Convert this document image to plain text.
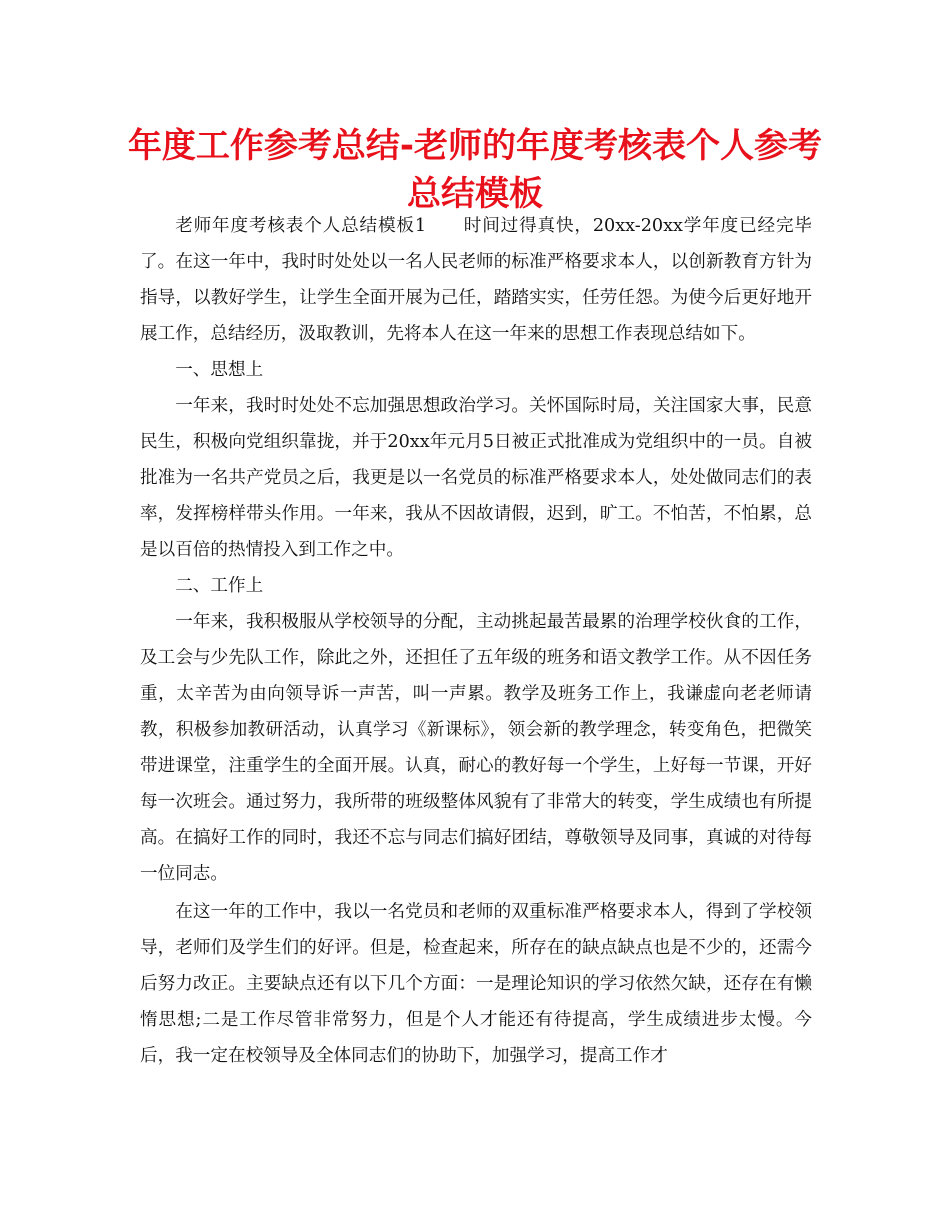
年度工作参考总结-老师的年度考核表个人参考总结模板

老师年度考核表个人总结模板1　　时间过得真快，20xx-20xx学年度已经完毕了。在这一年中，我时时处处以一名人民老师的标准严格要求本人，以创新教育方针为指导，以教好学生，让学生全面开展为己任，踏踏实实，任劳任怨。为使今后更好地开展工作，总结经历，汲取教训，先将本人在这一年来的思想工作表现总结如下。

一、思想上

一年来，我时时处处不忘加强思想政治学习。关怀国际时局，关注国家大事，民意民生，积极向党组织靠拢，并于20xx年元月5日被正式批准成为党组织中的一员。自被批准为一名共产党员之后，我更是以一名党员的标准严格要求本人，处处做同志们的表率，发挥榜样带头作用。一年来，我从不因故请假，迟到，旷工。不怕苦，不怕累，总是以百倍的热情投入到工作之中。

二、工作上

一年来，我积极服从学校领导的分配，主动挑起最苦最累的治理学校伙食的工作，及工会与少先队工作，除此之外，还担任了五年级的班务和语文教学工作。从不因任务重，太辛苦为由向领导诉一声苦，叫一声累。教学及班务工作上，我谦虚向老老师请教，积极参加教研活动，认真学习《新课标》，领会新的教学理念，转变角色，把微笑带进课堂，注重学生的全面开展。认真，耐心的教好每一个学生，上好每一节课，开好每一次班会。通过努力，我所带的班级整体风貌有了非常大的转变，学生成绩也有所提高。在搞好工作的同时，我还不忘与同志们搞好团结，尊敬领导及同事，真诚的对待每一位同志。

在这一年的工作中，我以一名党员和老师的双重标准严格要求本人，得到了学校领导，老师们及学生们的好评。但是，检查起来，所存在的缺点缺点也是不少的，还需今后努力改正。主要缺点还有以下几个方面：一是理论知识的学习依然欠缺，还存在有懒惰思想;二是工作尽管非常努力，但是个人才能还有待提高，学生成绩进步太慢。今后，我一定在校领导及全体同志们的协助下，加强学习，提高工作才
